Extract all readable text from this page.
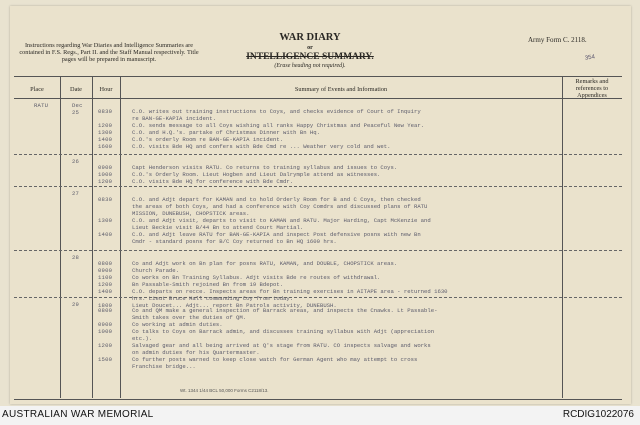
Instructions regarding War Diaries and Intelligence Summaries are contained in F.S. Regs., Part II. and the Staff Manual respectively. Title pages will be prepared in manuscript.
WAR DIARY
or
INTELLIGENCE SUMMARY.
(Erase heading not required).
Army Form C. 2118.
354
Place	Date	Hour	Summary of Events and Information
Remarks and references to Appendices
RATU	Dec 25	0830	C.O. writes out training instructions to Coys, and checks evidence of Court of Inquiry
re BAN-GE-KAPIA incident.
1200	C.O. sends message to all Coys wishing all ranks Happy Christmas and Peaceful New Year.
1300	C.O. and H.Q.'s. partake of Christmas Dinner with Bn Hq.
1400	C.O.'s orderly Room re BAN-GE-KAPIA incident.
1600	C.O. visits Bde HQ and confers with Bde Cmd re ... Weather very cold and wet.
26
0900	Capt Henderson visits RATU. Co returns to training syllabus and issues to Coys.
1000	C.O.'s Orderly Room. Lieut Hogben and Lieut Dalrymple attend as witnesses.
1200	C.O. visits Bde HQ for conference with Bde Cmdr.
27
0830	C.O. and Adjt depart for KAMAN and to hold Orderly Room for B and C Coys, then checked
the areas of both Coys, and had a conference with Coy Comdrs and discussed plans of RATU
MISSION, DUNEBUSH, CHOPSTICK areas.
1300	C.O. and Adjt visit, departs to visit to KAMAN and RATU. Major Harding, Capt McKenzie and
Lieut Beckie visit B/44 Bn to attend Court Martial.
1400	C.O. and Adjt leave RATU for BAN-GE-KAPIA and inspect Post defensive posns with new Bn
Cmdr - standard posns for B/C Coy returned to Bn HQ 1600 hrs.
28
0800	Co and Adjt work on Bn plan for posns RATU, KAMAN, and DOUBLE, CHOPSTICK areas.
0900	Church Parade.
1100	Co works on Bn Training Syllabus. Adjt visits Bde re routes of withdrawal.
1200	Bn Passable-Smith rejoined Bn from 19 Bdepot.
1400	C.O. departs on recce. Inspects areas for Bn training exercises in AITAPE area - returned 1630
hrs. Lieut Bruce Hall commanding Coy from today.
1800	Lieut Doucet... Adjt... report Bn Patrols activity, DUNEBUSH.
29
0800	Co and QM make a general inspection of Barrack areas, and inspects the Cnawks. Lt Passable-
Smith takes over the duties of QM.
0900	Co working at admin duties.
1000	Co talks to Coys on Barrack admin, and discusses training syllabus with Adjt (appreciation
etc.).
1200	Salvaged gear and all being arrived at Q's stage from RATU. CO inspects salvage and works
on admin duties for his Quartermaster.
1500	Co further posts warned to keep close watch for German Agent who may attempt to cross
Franchise bridge...
Wt. 1344 1/44 BCL 50,000 Forms C2118/13.
AUSTRALIAN WAR MEMORIAL	RCDIG1022076
